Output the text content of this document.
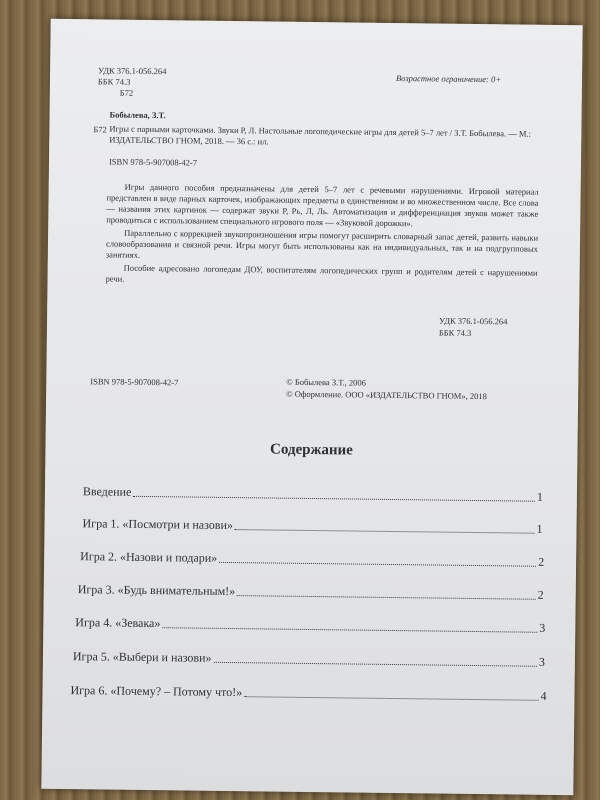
УДК 376.1-056.264
ББК 74.3
Б72
Возрастное ограничение: 0+
Б72
Бобылева, З.Т.
Игры с парными карточками. Звуки Р, Л. Настольные логопедические игры для детей 5–7 лет / З.Т. Бобылева. — М.: ИЗДАТЕЛЬСТВО ГНОМ, 2018. — 36 с.: ил.
ISBN 978-5-907008-42-7

Игры данного пособия предназначены для детей 5–7 лет с речевыми нарушениями. Игровой материал представлен в виде парных карточек, изображающих предметы в единственном и во множественном числе. Все слова — названия этих картинок — содержат звуки Р, Рь, Л, Ль. Автоматизация и дифференциация звуков может также проводиться с использованием специального игрового поля — «Звуковой дорожки».

Параллельно с коррекцией звукопроизношения игры помогут расширить словарный запас детей, развить навыки словообразования и связной речи. Игры могут быть использованы как на индивидуальных, так и на подгрупповых занятиях.

Пособие адресовано логопедам ДОУ, воспитателям логопедических групп и родителям детей с нарушениями речи.

УДК 376.1-056.264
ББК 74.3
ISBN 978-5-907008-42-7	© Бобылева З.Т., 2006
© Оформление. ООО «ИЗДАТЕЛЬСТВО ГНОМ», 2018
Содержание
Введение	1
Игра 1. «Посмотри и назови»	1
Игра 2. «Назови и подари»	2
Игра 3. «Будь внимательным!»	2
Игра 4. «Зевака»	3
Игра 5. «Выбери и назови»	3
Игра 6. «Почему? – Потому что!»	4
